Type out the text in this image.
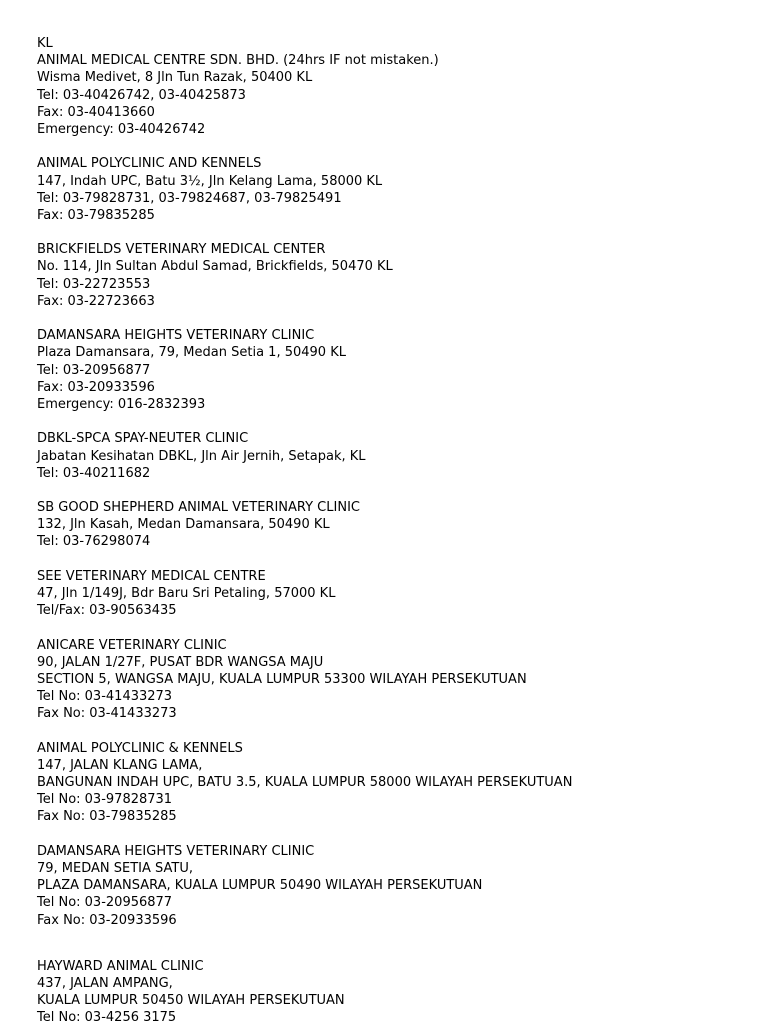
KL
ANIMAL MEDICAL CENTRE SDN. BHD. (24hrs IF not mistaken.)
Wisma Medivet, 8 Jln Tun Razak, 50400 KL
Tel: 03-40426742, 03-40425873
Fax: 03-40413660
Emergency: 03-40426742
ANIMAL POLYCLINIC AND KENNELS
147, Indah UPC, Batu 3½, Jln Kelang Lama, 58000 KL
Tel: 03-79828731, 03-79824687, 03-79825491
Fax: 03-79835285
BRICKFIELDS VETERINARY MEDICAL CENTER
No. 114, Jln Sultan Abdul Samad, Brickfields, 50470 KL
Tel: 03-22723553
Fax: 03-22723663
DAMANSARA HEIGHTS VETERINARY CLINIC
Plaza Damansara, 79, Medan Setia 1, 50490 KL
Tel: 03-20956877
Fax: 03-20933596
Emergency: 016-2832393
DBKL-SPCA SPAY-NEUTER CLINIC
Jabatan Kesihatan DBKL, Jln Air Jernih, Setapak, KL
Tel: 03-40211682
SB GOOD SHEPHERD ANIMAL VETERINARY CLINIC
132, Jln Kasah, Medan Damansara, 50490 KL
Tel: 03-76298074
SEE VETERINARY MEDICAL CENTRE
47, Jln 1/149J, Bdr Baru Sri Petaling, 57000 KL
Tel/Fax: 03-90563435
ANICARE VETERINARY CLINIC
90, JALAN 1/27F, PUSAT BDR WANGSA MAJU
SECTION 5, WANGSA MAJU, KUALA LUMPUR 53300 WILAYAH PERSEKUTUAN
Tel No: 03-41433273
Fax No: 03-41433273
ANIMAL POLYCLINIC & KENNELS
147, JALAN KLANG LAMA,
BANGUNAN INDAH UPC, BATU 3.5, KUALA LUMPUR 58000 WILAYAH PERSEKUTUAN
Tel No: 03-97828731
Fax No: 03-79835285
DAMANSARA HEIGHTS VETERINARY CLINIC
79, MEDAN SETIA SATU,
PLAZA DAMANSARA, KUALA LUMPUR 50490 WILAYAH PERSEKUTUAN
Tel No: 03-20956877
Fax No: 03-20933596
HAYWARD ANIMAL CLINIC
437, JALAN AMPANG,
KUALA LUMPUR 50450 WILAYAH PERSEKUTUAN
Tel No: 03-4256 3175
